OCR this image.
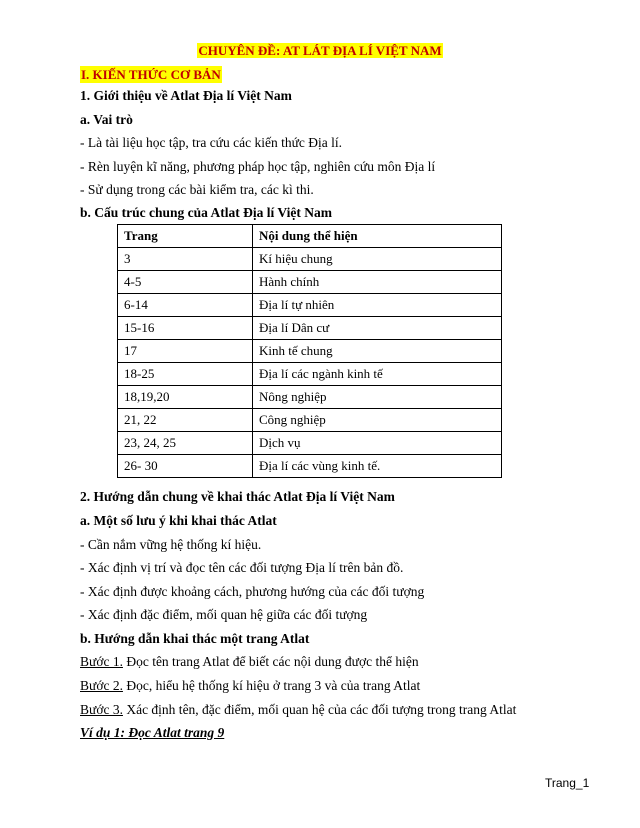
CHUYÊN ĐỀ: AT LÁT ĐỊA LÍ VIỆT NAM
I. KIẾN THỨC CƠ BẢN
1. Giới thiệu về Atlat Địa lí Việt Nam
a. Vai trò
- Là tài liệu học tập, tra cứu các kiến thức Địa lí.
- Rèn luyện kĩ năng, phương pháp học tập, nghiên cứu môn Địa lí
- Sử dụng trong các bài kiểm tra, các kì thi.
b. Cấu trúc chung của Atlat Địa lí Việt Nam
Trang	Nội dung thể hiện
3	Kí hiệu chung
4-5	Hành chính
6-14	Địa lí tự nhiên
15-16	Địa lí Dân cư
17	Kinh tế chung
18-25	Địa lí các ngành kinh tế
18,19,20	Nông nghiệp
21, 22	Công nghiệp
23, 24, 25	Dịch vụ
26- 30	Địa lí các vùng kinh tế.
2. Hướng dẫn chung về khai thác Atlat Địa lí Việt Nam
a. Một số lưu ý khi khai thác Atlat
- Cần nắm vững hệ thống kí hiệu.
- Xác định vị trí và đọc tên các đối tượng Địa lí trên bản đồ.
- Xác định được khoảng cách, phương hướng của các đối tượng
- Xác định đặc điểm, mối quan hệ giữa các đối tượng
b. Hướng dẫn khai thác một trang Atlat
Bước 1. Đọc tên trang Atlat để biết các nội dung được thể hiện
Bước 2. Đọc, hiểu hệ thống kí hiệu ở trang 3 và của trang Atlat
Bước 3. Xác định tên, đặc điểm, mối quan hệ của các đối tượng trong trang Atlat
Ví dụ 1: Đọc Atlat trang 9
Trang_1
